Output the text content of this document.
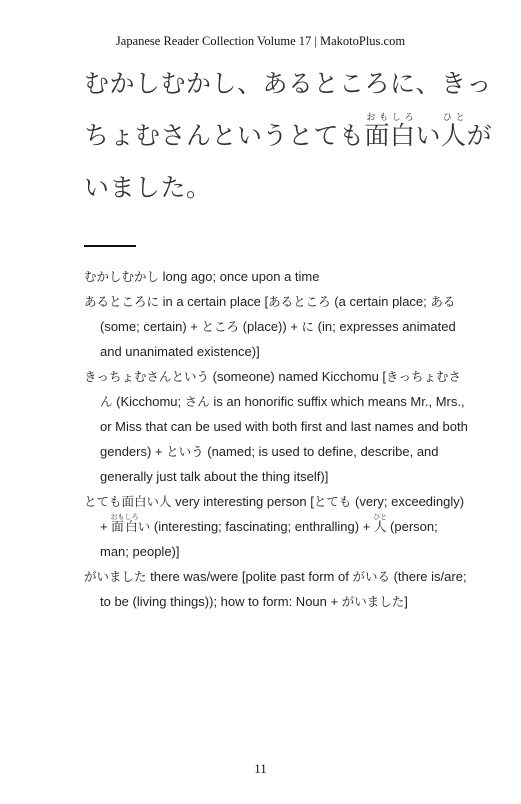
Japanese Reader Collection Volume 17 | MakotoPlus.com
むかしむかし、あるところに、きっ
ちょむさんというとても面白おもしろい人ひとが
いました。

むかしむかし long ago; once upon a time

あるところに in a certain place [あるところ (a certain place; ある (some; certain) + ところ (place)) + に (in; expresses animated and unanimated existence)]

きっちょむさんという (someone) named Kicchomu [きっちょむさん (Kicchomu; さん is an honorific suffix which means Mr., Mrs., or Miss that can be used with both first and last names and both genders) + という (named; is used to define, describe, and generally just talk about the thing itself)]

とても面白い人 very interesting person [とても (very; exceedingly) + 面白おもしろい (interesting; fascinating; enthralling) + 人ひと (person; man; people)]

がいました there was/were [polite past form of がいる (there is/are; to be (living things)); how to form: Noun + がいました]

11
